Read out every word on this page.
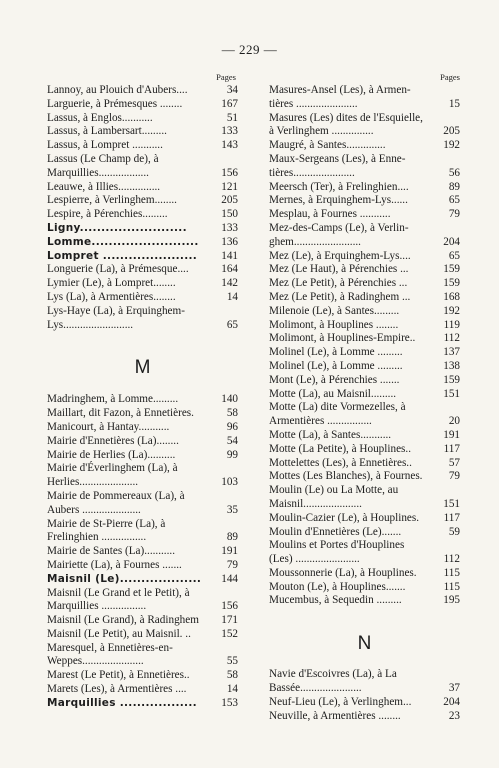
— 229 —
Pages
Lannoy, au Plouich d'Aubers....	34
Larguerie, à Prémesques ........	167
Lassus, à Englos...........	51
Lassus, à Lambersart.........	133
Lassus, à Lompret ...........	143
Lassus (Le Champ de), à
Marquillies..................	156
Leauwe, à Illies...............	121
Lespierre, à Verlinghem........	205
Lespire, à Pérenchies.........	150
Ligny.........................	133
Lomme.........................	136
Lompret ......................	141
Longuerie (La), à Prémesque....	164
Lymier (Le), à Lompret........	142
Lys (La), à Armentières........	14
Lys-Haye (La), à Erquinghem-
Lys.........................	65
M
Madringhem, à Lomme.........	140
Maillart, dit Fazon, à Ennetières.	58
Manicourt, à Hantay...........	96
Mairie d'Ennetières (La)........	54
Mairie de Herlies (La)..........	99
Mairie d'Éverlinghem (La), à
Herlies.....................	103
Mairie de Pommereaux (La), à
Aubers .....................	35
Mairie de St-Pierre (La), à
Frelinghien ................	89
Mairie de Santes (La)...........	191
Mairiette (La), à Fournes .......	79
Maisnil (Le)...................	144
Maisnil (Le Grand et le Petit), à
Marquillies ................	156
Maisnil (Le Grand), à Radinghem	171
Maisnil (Le Petit), au Maisnil. ..	152
Maresquel, à Ennetières-en-
Weppes......................	55
Marest (Le Petit), à Ennetières..	58
Marets (Les), à Armentières ....	14
Marquillies ..................	153
Pages
Masures-Ansel (Les), à Armen-
tières ......................	15
Masures (Les) dites de l'Esquielle,
à Verlinghem ...............	205
Maugré, à Santes..............	192
Maux-Sergeans (Les), à Enne-
tières......................	56
Meersch (Ter), à Frelinghien....	89
Mernes, à Erquinghem-Lys......	65
Mesplau, à Fournes ...........	79
Mez-des-Camps (Le), à Verlin-
ghem........................	204
Mez (Le), à Erquinghem-Lys....	65
Mez (Le Haut), à Pérenchies ...	159
Mez (Le Petit), à Pérenchies ...	159
Mez (Le Petit), à Radinghem ...	168
Milenoie (Le), à Santes.........	192
Molimont, à Houplines ........	119
Molimont, à Houplines-Empire..	112
Molinel (Le), à Lomme .........	137
Molinel (Le), à Lomme .........	138
Mont (Le), à Pérenchies .......	159
Motte (La), au Maisnil.........	151
Motte (La) dite Vormezelles, à
Armentières ................	20
Motte (La), à Santes...........	191
Motte (La Petite), à Houplines..	117
Mottelettes (Les), à Ennetières..	57
Mottes (Les Blanches), à Fournes.	79
Moulin (Le) ou La Motte, au
Maisnil.....................	151
Moulin-Cazier (Le), à Houplines.	117
Moulin d'Ennetières (Le).......	59
Moulins et Portes d'Houplines
(Les) .......................	112
Moussonnerie (La), à Houplines.	115
Mouton (Le), à Houplines.......	115
Mucembus, à Sequedin .........	195
N
Navie d'Escoivres (La), à La
Bassée......................	37
Neuf-Lieu (Le), à Verlinghem...	204
Neuville, à Armentières ........	23
